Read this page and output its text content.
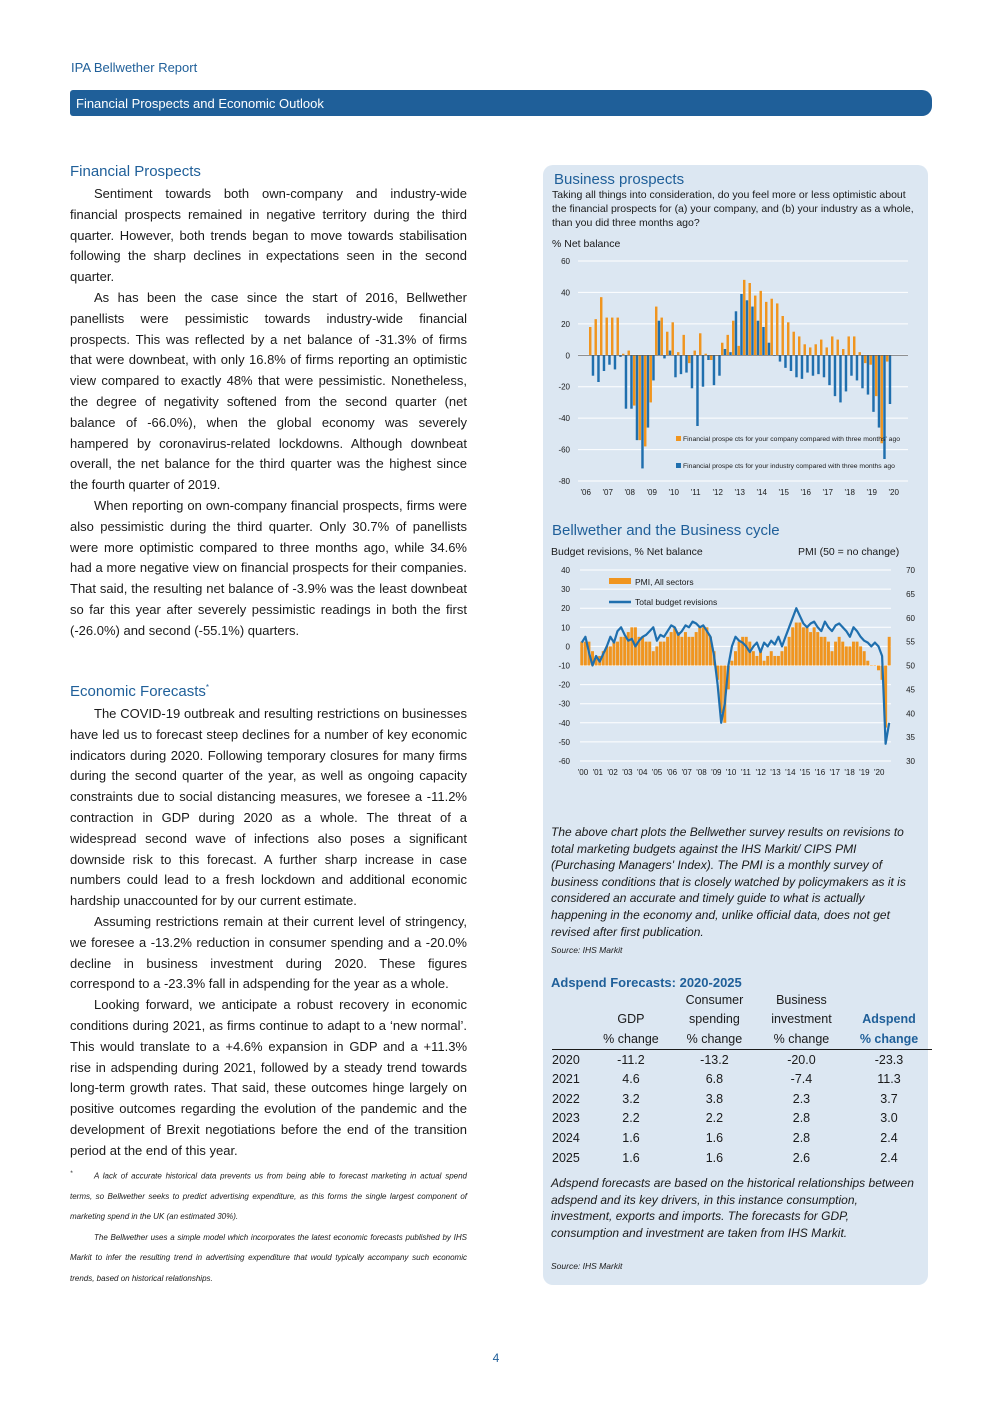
IPA Bellwether Report
Financial Prospects and Economic Outlook
Financial Prospects

Sentiment towards both own-company and industry-wide financial prospects remained in negative territory during the third quarter. However, both trends began to move towards stabilisation following the sharp declines in expectations seen in the second quarter.

As has been the case since the start of 2016, Bellwether panellists were pessimistic towards industry-wide financial prospects. This was reflected by a net balance of -31.3% of firms that were downbeat, with only 16.8% of firms reporting an optimistic view compared to exactly 48% that were pessimistic. Nonetheless, the degree of negativity softened from the second quarter (net balance of -66.0%), when the global economy was severely hampered by coronavirus-related lockdowns. Although downbeat overall, the net balance for the third quarter was the highest since the fourth quarter of 2019.

When reporting on own-company financial prospects, firms were also pessimistic during the third quarter. Only 30.7% of panellists were more optimistic compared to three months ago, while 34.6% had a more negative view on financial prospects for their companies. That said, the resulting net balance of -3.9% was the least downbeat so far this year after severely pessimistic readings in both the first (-26.0%) and second (-55.1%) quarters.

Economic Forecasts*

The COVID-19 outbreak and resulting restrictions on businesses have led us to forecast steep declines for a number of key economic indicators during 2020. Following temporary closures for many firms during the second quarter of the year, as well as ongoing capacity constraints due to social distancing measures, we foresee a -11.2% contraction in GDP during 2020 as a whole. The threat of a widespread second wave of infections also poses a significant downside risk to this forecast. A further sharp increase in case numbers could lead to a fresh lockdown and additional economic hardship unaccounted for by our current estimate.

Assuming restrictions remain at their current level of stringency, we foresee a -13.2% reduction in consumer spending and a -20.0% decline in business investment during 2020. These figures correspond to a -23.3% fall in adspending for the year as a whole.

Looking forward, we anticipate a robust recovery in economic conditions during 2021, as firms continue to adapt to a ‘new normal’. This would translate to a +4.6% expansion in GDP and a +11.3% rise in adspending during 2021, followed by a steady trend towards long-term growth rates. That said, these outcomes hinge largely on positive outcomes regarding the evolution of the pandemic and the development of Brexit negotiations before the end of the transition period at the end of this year.

*	A lack of accurate historical data prevents us from being able to forecast marketing in actual spend terms, so Bellwether seeks to predict advertising expenditure, as this forms the single largest component of marketing spend in the UK (an estimated 30%).
The Bellwether uses a simple model which incorporates the latest economic forecasts published by IHS Markit to infer the resulting trend in advertising expenditure that would typically accompany such economic trends, based on historical relationships.
4
Business prospects
Taking all things into consideration, do you feel more or less optimistic about the financial prospects for (a) your company, and (b) your industry as a whole, than you did three months ago?
% Net balance
60
40
20
0
-20
-40
-60
-80
'06 '07 '08 '09 '10 '11 '12 '13 '14 '15 '16 '17 '18 '19 '20
Financial prospe cts for your company compared with three months' ago
Financial prospe cts for your industry compared with three months ago
Bellwether and the Business cycle
Budget revisions, % Net balance	PMI (50 = no change)
40
30
20
10
0
-10
-20
-30
-40
-50
-60
70
65
60
55
50
45
40
35
30
'00 '01 '02 '03 '04 '05 '06 '07 '08 '09 '10 '11 '12 '13 '14 '15 '16 '17 '18 '19 '20
PMI, All sectors
Total budget revisions
The above chart plots the Bellwether survey results on revisions to total marketing budgets against the IHS Markit/ CIPS PMI (Purchasing Managers' Index). The PMI is a monthly survey of business conditions that is closely watched by policymakers as it is considered an accurate and timely guide to what is actually happening in the economy and, unlike official data, does not get revised after first publication.
Source: IHS Markit
Adspend Forecasts: 2020-2025
		Consumer	Business	
	GDP	spending	investment	Adspend
	% change	% change	% change	% change
2020	-11.2	-13.2	-20.0	-23.3
2021	4.6	6.8	-7.4	11.3
2022	3.2	3.8	2.3	3.7
2023	2.2	2.2	2.8	3.0
2024	1.6	1.6	2.8	2.4
2025	1.6	1.6	2.6	2.4
Adspend forecasts are based on the historical relationships between adspend and its key drivers, in this instance consumption, investment, exports and imports. The forecasts for GDP, consumption and investment are taken from IHS Markit.
Source: IHS Markit
